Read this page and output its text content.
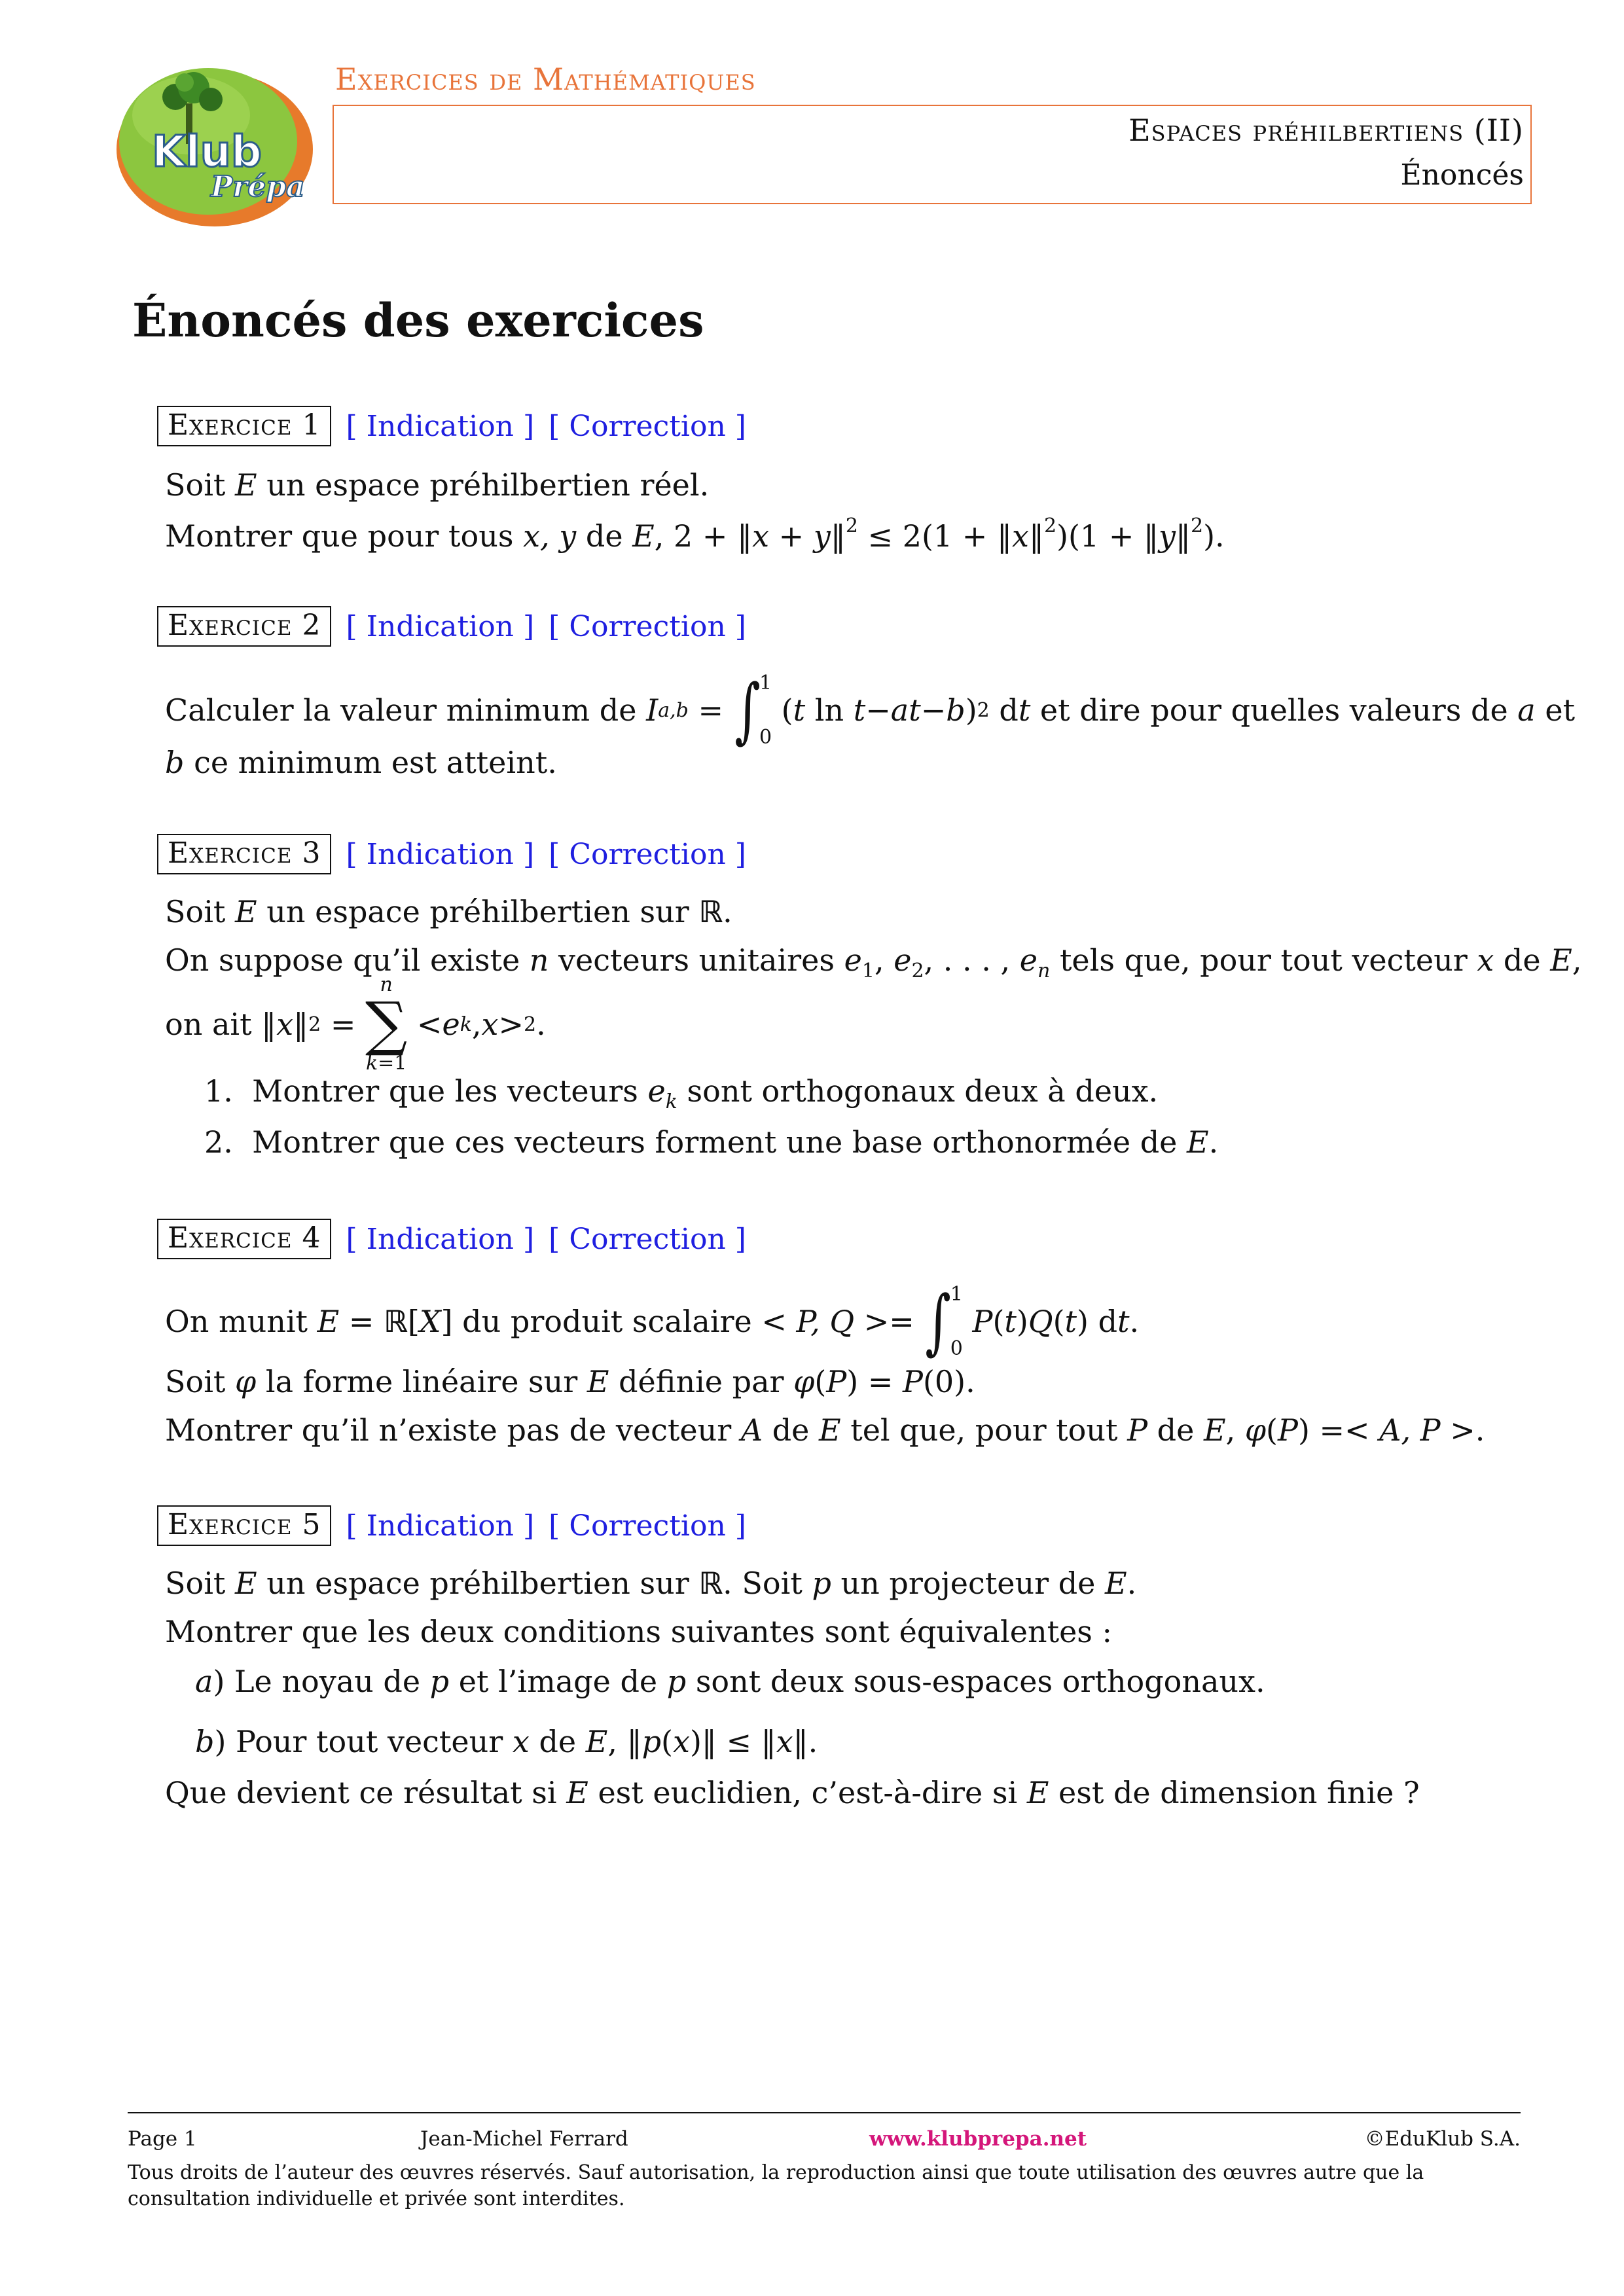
Klub
Prépa
Exercices de Mathématiques
Espaces préhilbertiens (II)
Énoncés
Énoncés des exercices
Exercice 1 [ Indication ] [ Correction ]
Soit E un espace préhilbertien réel.
Montrer que pour tous x, y de E, 2 + ‖x + y‖$^2$ ≤ 2(1 + ‖x‖$^2$)(1 + ‖y‖$^2$).
Exercice 2 [ Indication ] [ Correction ]
Calculer la valeur minimum de I a,b = ∫
1
0
( t ln t − at − b ) 2 d t et dire pour quelles valeurs de a et
b ce minimum est atteint.
Exercice 3 [ Indication ] [ Correction ]
Soit E un espace préhilbertien sur ℝ.
On suppose qu’il existe n vecteurs unitaires $e_1$, $e_2$, . . . , $e_n$ tels que, pour tout vecteur x de E,
on ait ‖ x ‖ 2 =
n
∑
k=1
< e k , x > 2 .
1.  Montrer que les vecteurs $e_k$ sont orthogonaux deux à deux.
2.  Montrer que ces vecteurs forment une base orthonormée de E.
Exercice 4 [ Indication ] [ Correction ]
On munit E = ℝ [ X ] du produit scalaire < P, Q >= ∫
1
0

P ( t ) Q ( t ) d t .
Soit φ la forme linéaire sur E définie par φ(P) = P(0).
Montrer qu’il n’existe pas de vecteur A de E tel que, pour tout P de E, φ(P) =< A, P >.
Exercice 5 [ Indication ] [ Correction ]
Soit E un espace préhilbertien sur ℝ. Soit p un projecteur de E.
Montrer que les deux conditions suivantes sont équivalentes :
a) Le noyau de p et l’image de p sont deux sous-espaces orthogonaux.
b) Pour tout vecteur x de E, ‖p(x)‖ ≤ ‖x‖.
Que devient ce résultat si E est euclidien, c’est-à-dire si E est de dimension finie ?
Page 1	Jean-Michel Ferrard	www.klubprepa.net	©EduKlub S.A.
Tous droits de l’auteur des œuvres réservés. Sauf autorisation, la reproduction ainsi que toute utilisation des œuvres autre que la consultation individuelle et privée sont interdites.
